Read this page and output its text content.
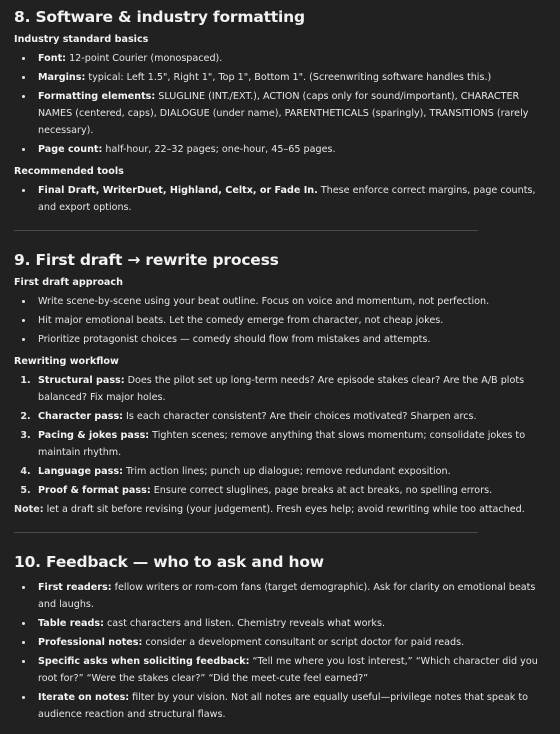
8. Software & industry formatting
Industry standard basics
• Font: 12-point Courier (monospaced).
• Margins: typical: Left 1.5", Right 1", Top 1", Bottom 1". (Screenwriting software handles this.)
• Formatting elements: SLUGLINE (INT./EXT.), ACTION (caps only for sound/important), CHARACTER NAMES (centered, caps), DIALOGUE (under name), PARENTHETICALS (sparingly), TRANSITIONS (rarely necessary).
• Page count: half-hour, 22–32 pages; one-hour, 45–65 pages.
Recommended tools
• Final Draft, WriterDuet, Highland, Celtx, or Fade In. These enforce correct margins, page counts, and export options.
9. First draft → rewrite process
First draft approach
• Write scene-by-scene using your beat outline. Focus on voice and momentum, not perfection.
• Hit major emotional beats. Let the comedy emerge from character, not cheap jokes.
• Prioritize protagonist choices — comedy should flow from mistakes and attempts.
Rewriting workflow
1. Structural pass: Does the pilot set up long-term needs? Are episode stakes clear? Are the A/B plots balanced? Fix major holes.
2. Character pass: Is each character consistent? Are their choices motivated? Sharpen arcs.
3. Pacing & jokes pass: Tighten scenes; remove anything that slows momentum; consolidate jokes to maintain rhythm.
4. Language pass: Trim action lines; punch up dialogue; remove redundant exposition.
5. Proof & format pass: Ensure correct sluglines, page breaks at act breaks, no spelling errors.

Note: let a draft sit before revising (your judgement). Fresh eyes help; avoid rewriting while too attached.

10. Feedback — who to ask and how
• First readers: fellow writers or rom-com fans (target demographic). Ask for clarity on emotional beats and laughs.
• Table reads: cast characters and listen. Chemistry reveals what works.
• Professional notes: consider a development consultant or script doctor for paid reads.
• Specific asks when soliciting feedback: “Tell me where you lost interest,” “Which character did you root for?” “Were the stakes clear?” “Did the meet-cute feel earned?”
• Iterate on notes: filter by your vision. Not all notes are equally useful—privilege notes that speak to audience reaction and structural flaws.
